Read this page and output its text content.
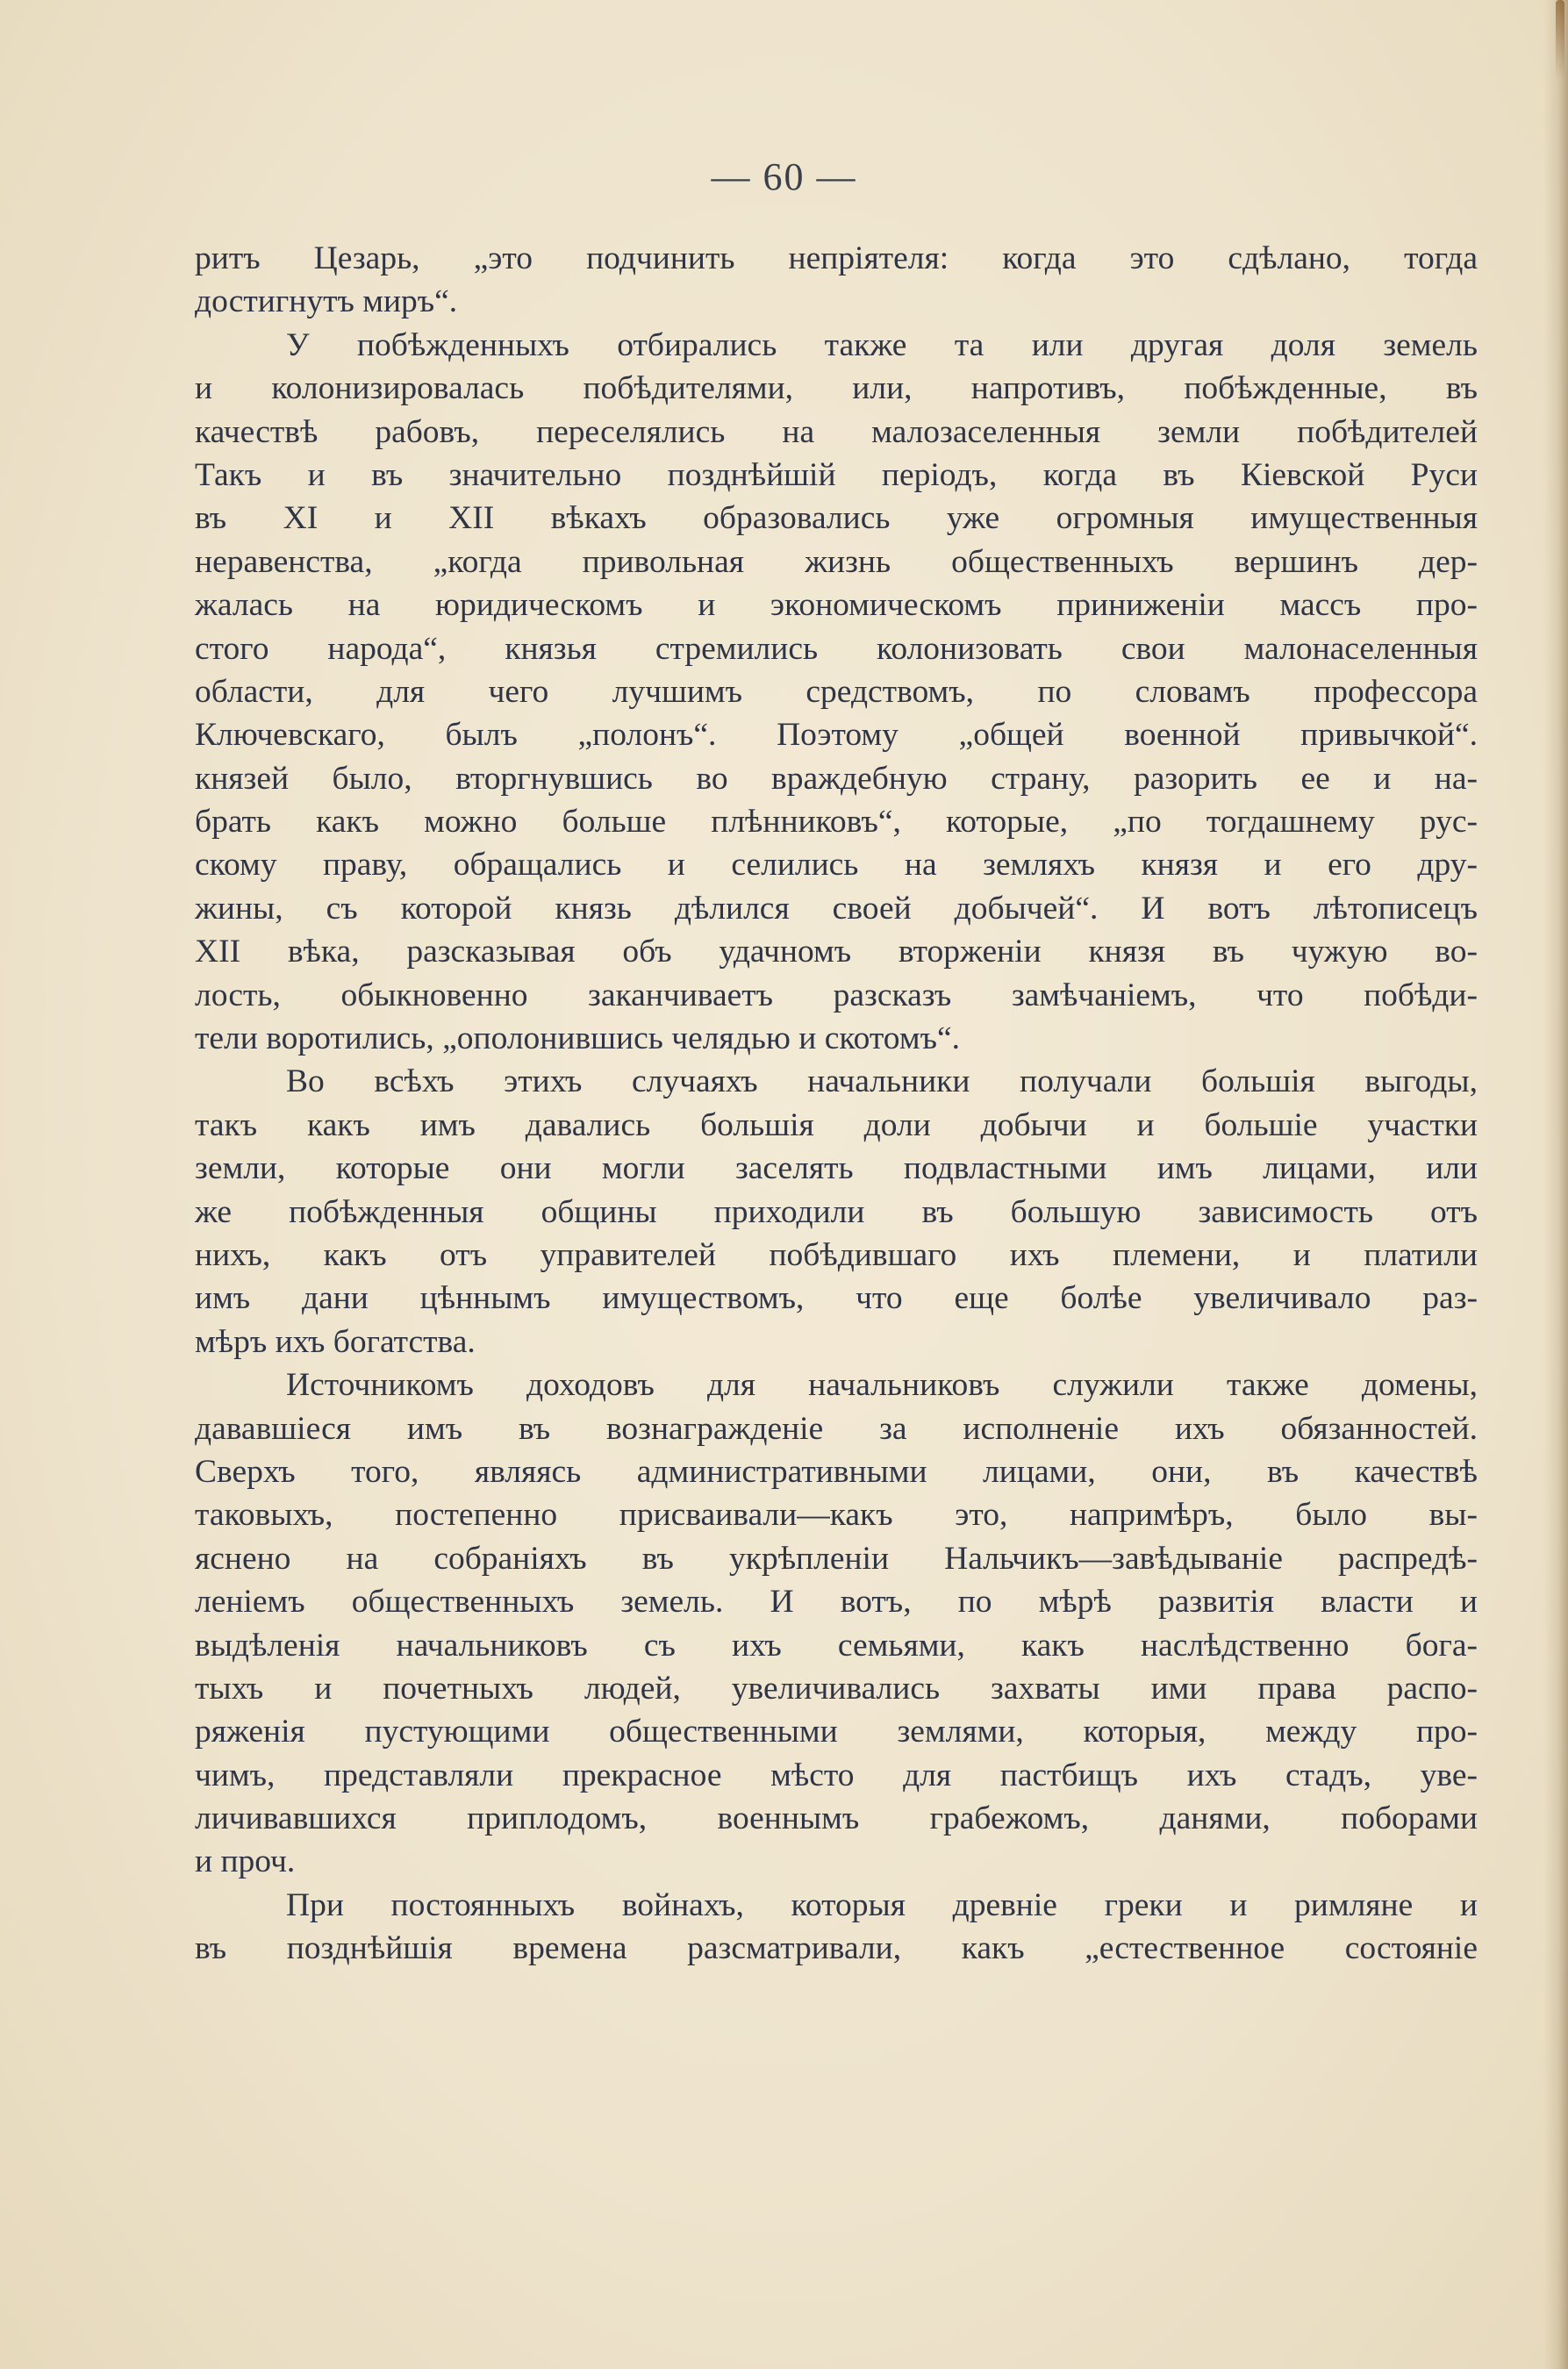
— 60 —
ритъ Цезарь, „это подчинить непріятеля: когда это сдѣлано, тогда
достигнутъ миръ“.
У побѣжденныхъ отбирались также та или другая доля земель
и колонизировалась побѣдителями, или, напротивъ, побѣжденные, въ
качествѣ рабовъ, переселялись на малозаселенныя земли побѣдителей
Такъ и въ значительно позднѣйшій періодъ, когда въ Кіевской Руси
въ XI и XII вѣкахъ образовались уже огромныя имущественныя
неравенства, „когда привольная жизнь общественныхъ вершинъ дер-
жалась на юридическомъ и экономическомъ приниженіи массъ про-
стого народа“, князья стремились колонизовать свои малонаселенныя
области, для чего лучшимъ средствомъ, по словамъ профессора
Ключевскаго, былъ „полонъ“. Поэтому „общей военной привычкой“.
князей было, вторгнувшись во враждебную страну, разорить ее и на-
брать какъ можно больше плѣнниковъ“, которые, „по тогдашнему рус-
скому праву, обращались и селились на земляхъ князя и его дру-
жины, съ которой князь дѣлился своей добычей“. И вотъ лѣтописецъ
XII вѣка, разсказывая объ удачномъ вторженіи князя въ чужую во-
лость, обыкновенно заканчиваетъ разсказъ замѣчаніемъ, что побѣди-
тели воротились, „ополонившись челядью и скотомъ“.
Во всѣхъ этихъ случаяхъ начальники получали большія выгоды,
такъ какъ имъ давались большія доли добычи и большіе участки
земли, которые они могли заселять подвластными имъ лицами, или
же побѣжденныя общины приходили въ большую зависимость отъ
нихъ, какъ отъ управителей побѣдившаго ихъ племени, и платили
имъ дани цѣннымъ имуществомъ, что еще болѣе увеличивало раз-
мѣръ ихъ богатства.
Источникомъ доходовъ для начальниковъ служили также домены,
дававшіеся имъ въ вознагражденіе за исполненіе ихъ обязанностей.
Сверхъ того, являясь административными лицами, они, въ качествѣ
таковыхъ, постепенно присваивали—какъ это, напримѣръ, было вы-
яснено на собраніяхъ въ укрѣпленіи Нальчикъ—завѣдываніе распредѣ-
леніемъ общественныхъ земель. И вотъ, по мѣрѣ развитія власти и
выдѣленія начальниковъ съ ихъ семьями, какъ наслѣдственно бога-
тыхъ и почетныхъ людей, увеличивались захваты ими права распо-
ряженія пустующими общественными землями, которыя, между про-
чимъ, представляли прекрасное мѣсто для пастбищъ ихъ стадъ, уве-
личивавшихся приплодомъ, военнымъ грабежомъ, данями, поборами
и проч.
При постоянныхъ войнахъ, которыя древніе греки и римляне и
въ позднѣйшія времена разсматривали, какъ „естественное состояніе
